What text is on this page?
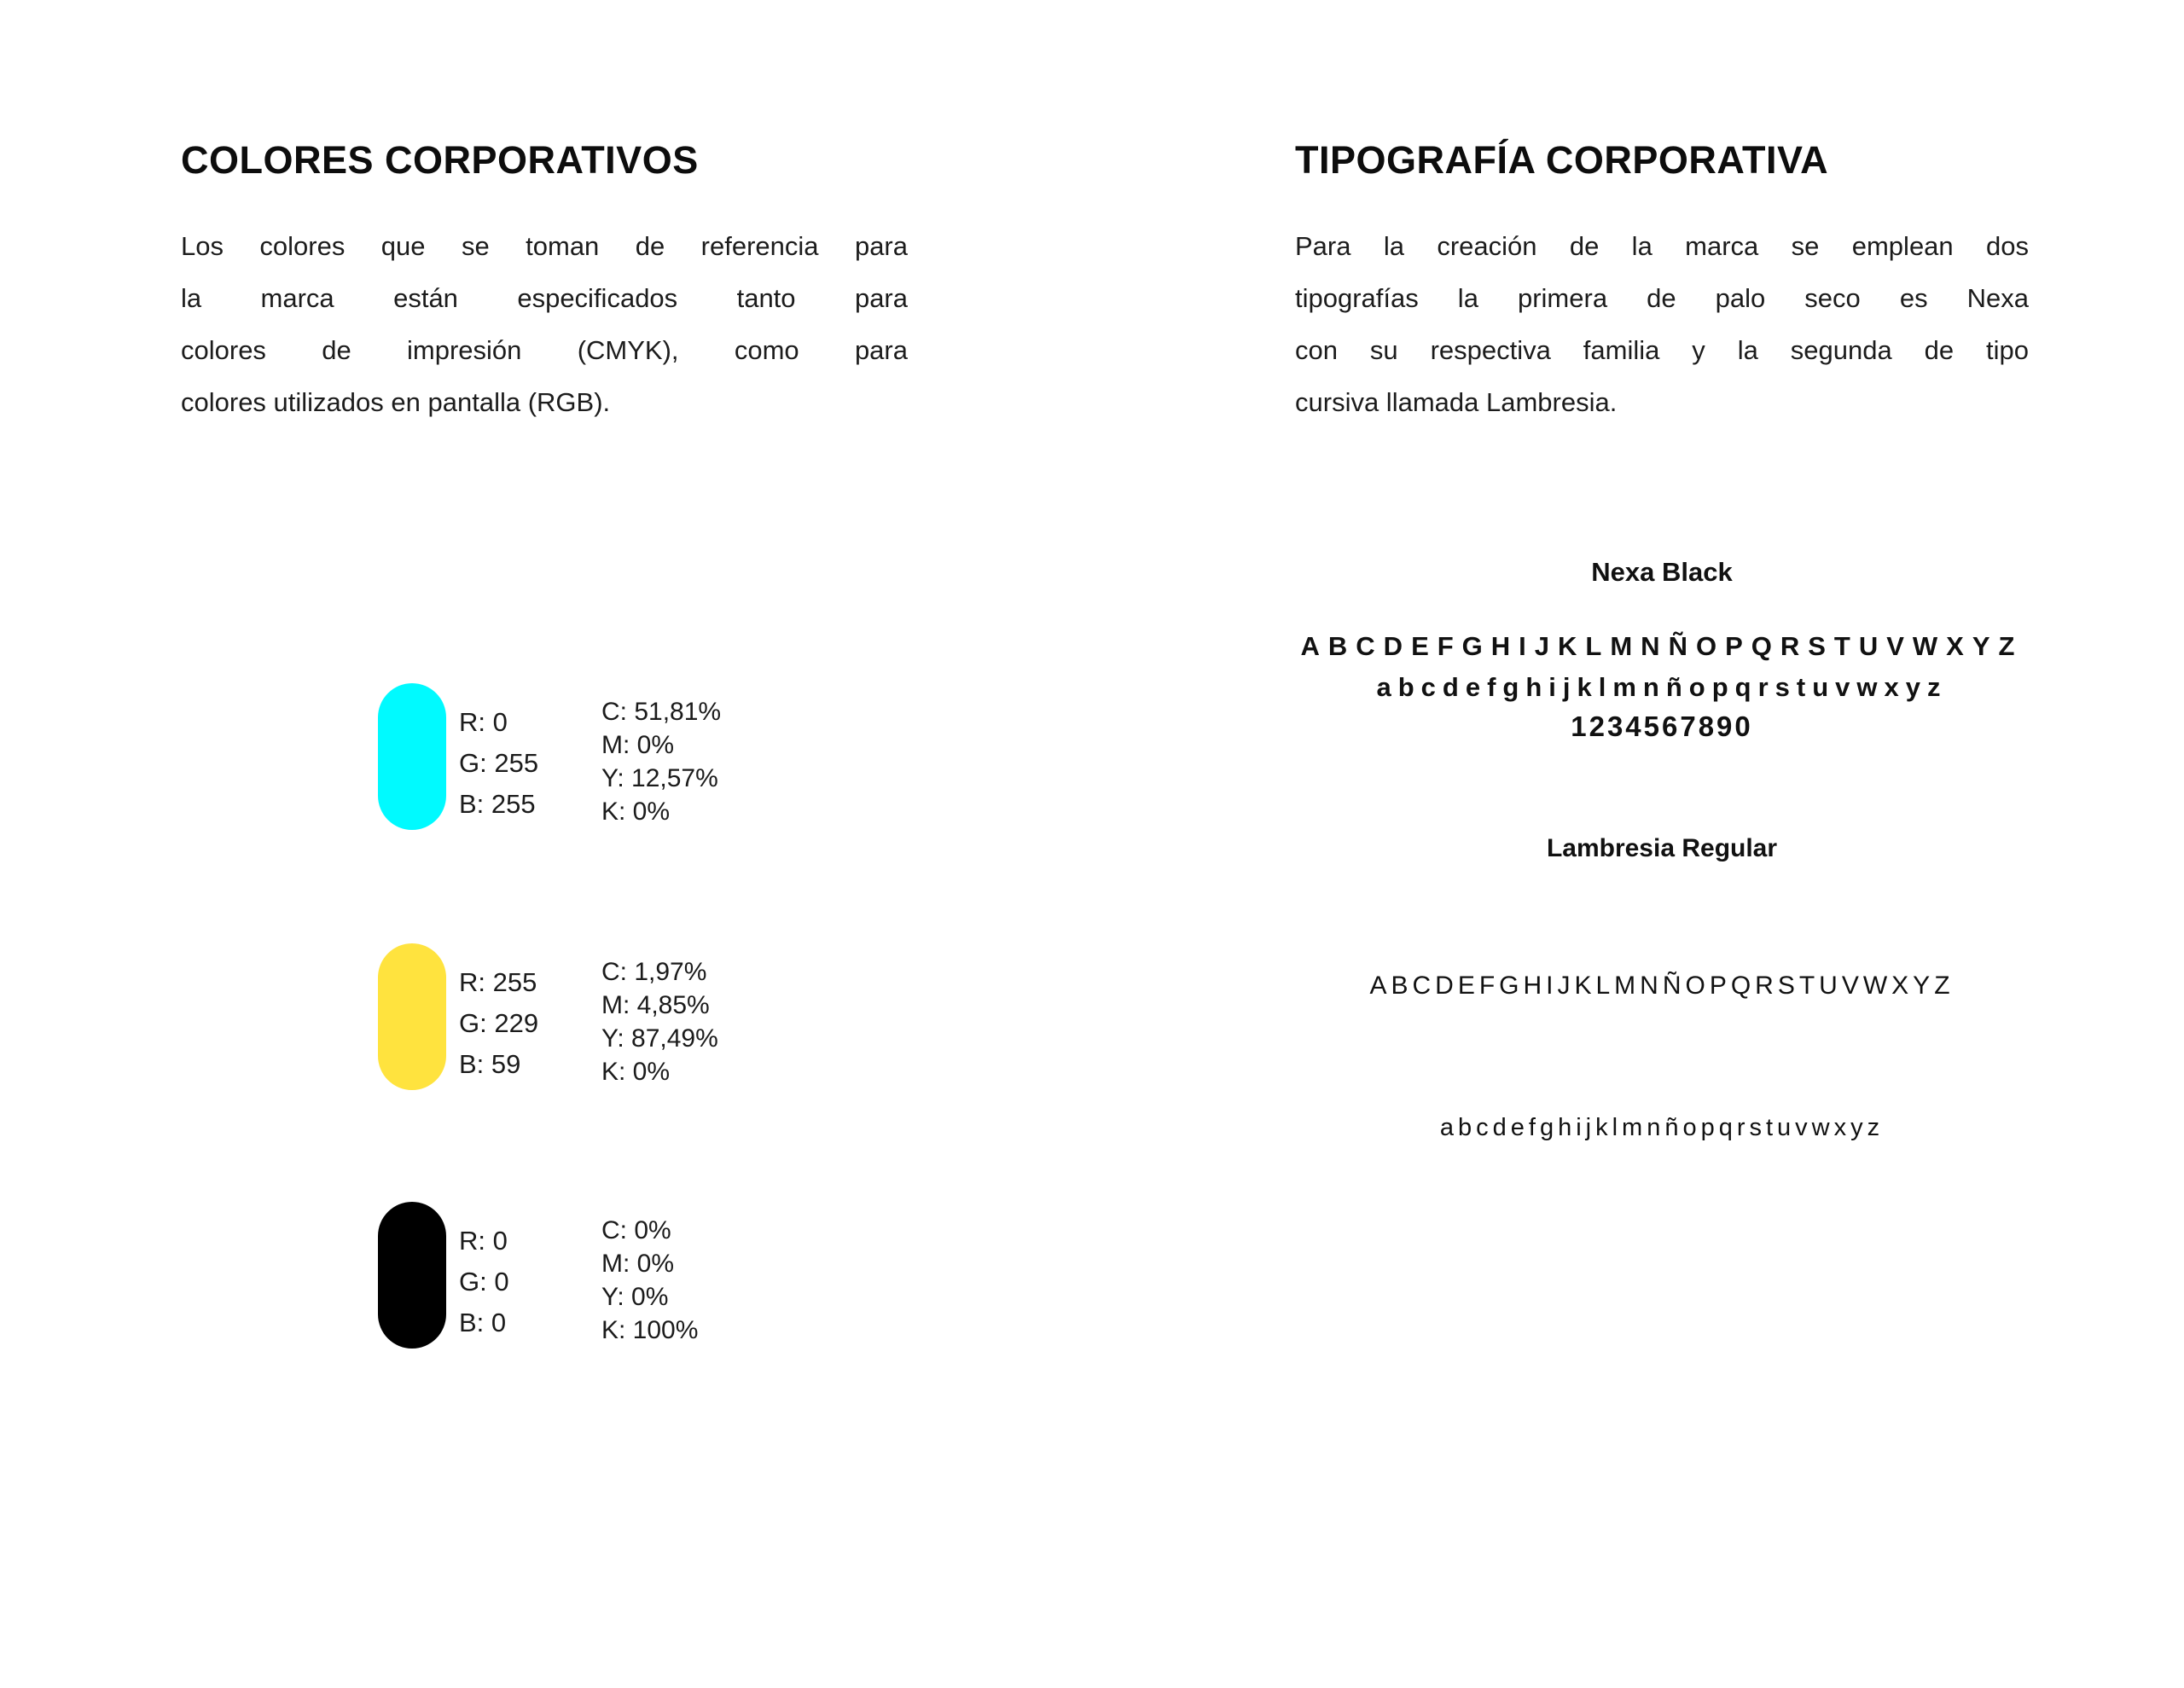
COLORES CORPORATIVOS
Los colores que se toman de referencia para
la marca están especificados tanto para
colores de impresión (CMYK), como para
colores utilizados en pantalla (RGB).
R: 0
G: 255
B: 255
C: 51,81%
M: 0%
Y: 12,57%
K: 0%
R: 255
G: 229
B: 59
C: 1,97%
M: 4,85%
Y: 87,49%
K: 0%
R: 0
G: 0
B: 0
C: 0%
M: 0%
Y: 0%
K: 100%
TIPOGRAFÍA CORPORATIVA
Para la creación de la marca se emplean dos
tipografías la primera de palo seco es Nexa
con su respectiva familia y la segunda de tipo
cursiva llamada Lambresia.
Nexa Black
ABCDEFGHIJKLMNÑOPQRSTUVWXYZ
abcdefghijklmnñopqrstuvwxyz
1234567890
Lambresia Regular
ABCDEFGHIJKLMNÑOPQRSTUVWXYZ
abcdefghijklmnñopqrstuvwxyz
